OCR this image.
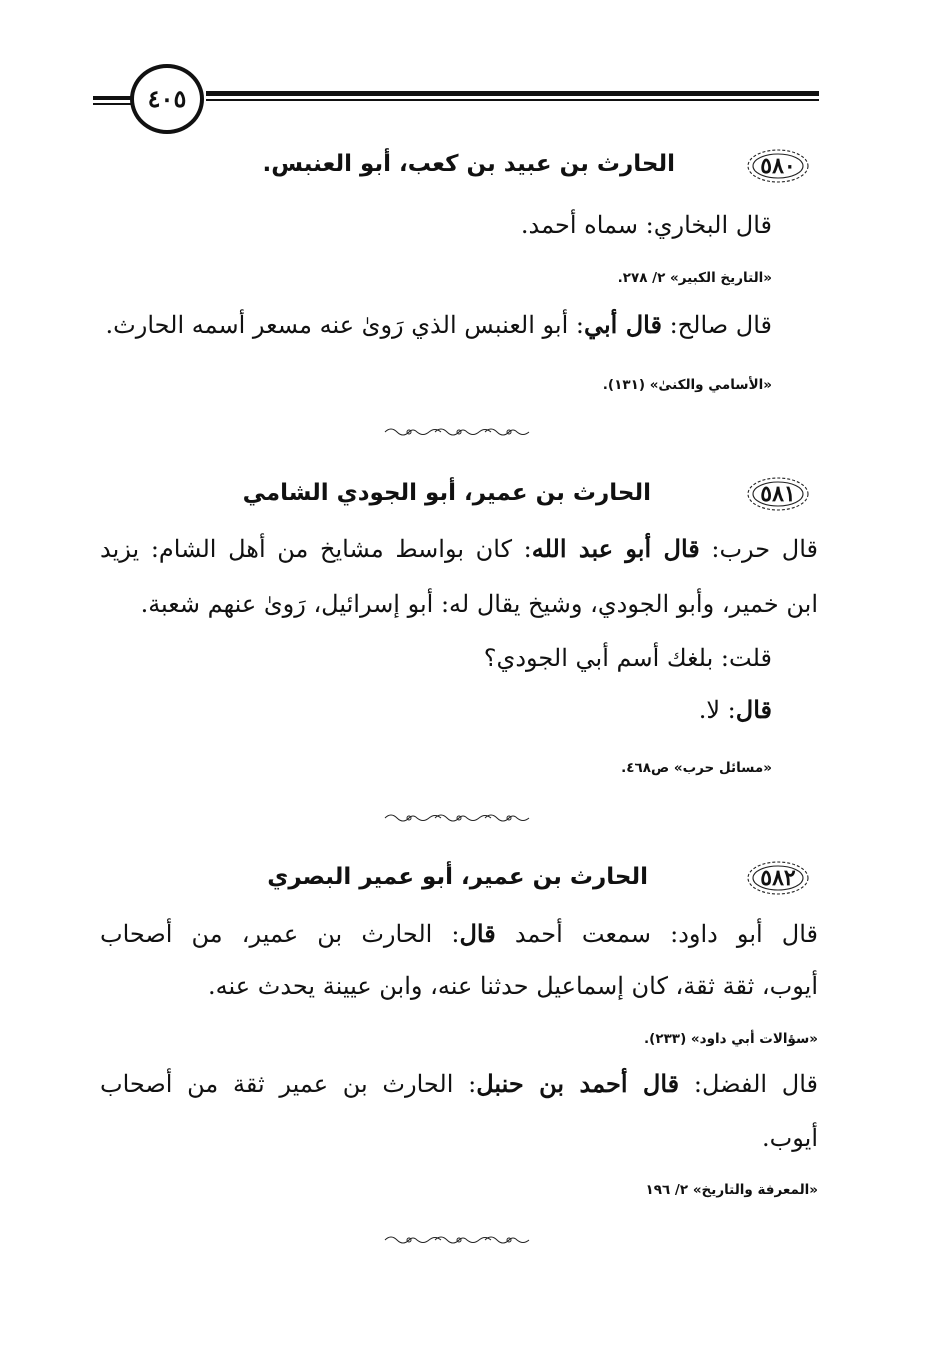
٤٠٥
٥٨٠
الحارث بن عبيد بن كعب، أبو العنبس.
قال البخاري: سماه أحمد.
«التاريخ الكبير» ٢/ ٢٧٨.
قال صالح: قال أبي: أبو العنبس الذي رَوىٰ عنه مسعر أسمه الحارث.
«الأسامي والكنىٰ» (١٣١).
٥٨١
الحارث بن عمير، أبو الجودي الشامي
قال حرب: قال أبو عبد الله: كان بواسط مشايخ من أهل الشام: يزيد
ابن خمير، وأبو الجودي، وشيخ يقال له: أبو إسرائيل، رَوىٰ عنهم شعبة.
قلت: بلغك أسم أبي الجودي؟
قال: لا.
«مسائل حرب» ص٤٦٨.
٥٨٢
الحارث بن عمير، أبو عمير البصري
قال أبو داود: سمعت أحمد قال: الحارث بن عمير، من أصحاب
أيوب، ثقة ثقة، كان إسماعيل حدثنا عنه، وابن عيينة يحدث عنه.
«سؤالات أبي داود» (٢٣٣).
قال الفضل: قال أحمد بن حنبل: الحارث بن عمير ثقة من أصحاب
أيوب.
«المعرفة والتاريخ» ٢/ ١٩٦
